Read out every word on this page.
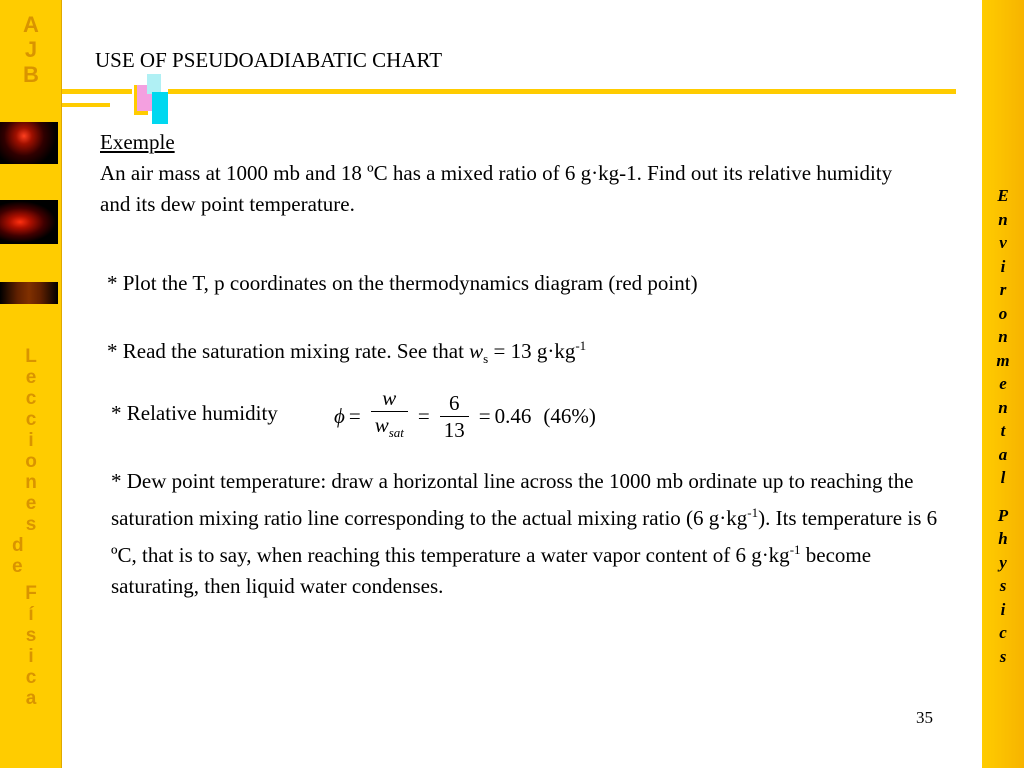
A
J
B
L
e
c
c
i
o
n
e
s
d
e
F
í
s
i
c
a
E
n
v
i
r
o
n
m
e
n
t
a
l
P
h
y
s
i
c
s
USE OF PSEUDOADIABATIC CHART
Exemple
An air mass at 1000 mb and 18 ºC has a mixed ratio of 6 g·kg-1. Find out its relative humidity and its dew point temperature.
* Plot the T, p coordinates on the thermodynamics diagram (red point)
* Read the saturation mixing rate. See that $w_s = 13$ $g\cdot kg^{-1}$
* Relative humidity	$\phi = \frac{w}{w_{sat}} = \frac{6}{13} = 0.46$ (46%)
* Dew point temperature: draw a horizontal line across the 1000 mb ordinate up to reaching the saturation mixing ratio line corresponding to the actual mixing ratio (6 $g\cdot kg^{-1}$). Its temperature is 6 ºC, that is to say, when reaching this temperature a water vapor content of 6 $g\cdot kg^{-1}$ become saturating, then liquid water condenses.
35
